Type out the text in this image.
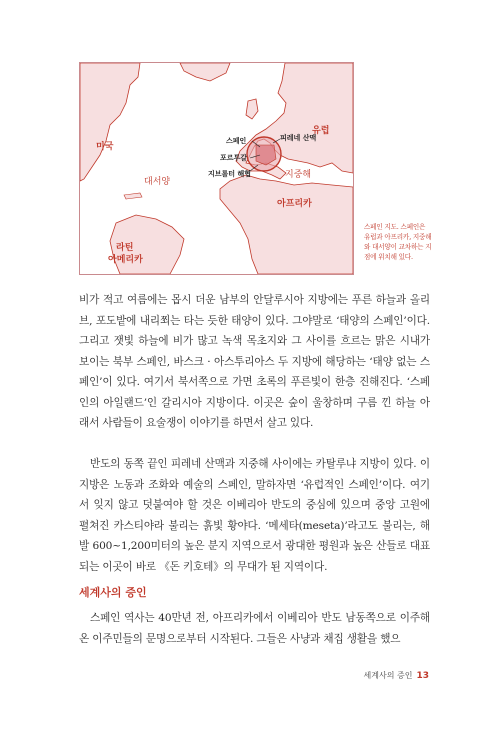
미국
유럽
스페인	피레네 산맥
포르투갈
지브롤터 해협	지중해
대서양
아프리카
라틴
아메리카
스페인 지도. 스페인은 유럽과 아프리카, 지중해와 대서양이 교차하는 지점에 위치해 있다.

비가 적고 여름에는 몹시 더운 남부의 안달루시아 지방에는 푸른 하늘과 올리브, 포도밭에 내리쬐는 타는 듯한 태양이 있다. 그야말로 ‘태양의 스페인’이다. 그리고 잿빛 하늘에 비가 많고 녹색 목초지와 그 사이를 흐르는 맑은 시내가 보이는 북부 스페인, 바스크 · 아스투리아스 두 지방에 해당하는 ‘태양 없는 스페인’이 있다. 여기서 북서쪽으로 가면 초록의 푸른빛이 한층 진해진다. ‘스페인의 아일랜드’인 갈리시아 지방이다. 이곳은 숲이 울창하며 구름 낀 하늘 아래서 사람들이 요술쟁이 이야기를 하면서 살고 있다.

반도의 동쪽 끝인 피레네 산맥과 지중해 사이에는 카탈루냐 지방이 있다. 이 지방은 노동과 조화와 예술의 스페인, 말하자면 ‘유럽적인 스페인’이다. 여기서 잊지 않고 덧붙여야 할 것은 이베리아 반도의 중심에 있으며 중앙 고원에 펼쳐진 카스티야라 불리는 흙빛 황야다. ‘메세타(meseta)’라고도 불리는, 해발 600~1,200미터의 높은 분지 지역으로서 광대한 평원과 높은 산들로 대표되는 이곳이 바로 《돈 키호테》의 무대가 된 지역이다.

세계사의 증인

스페인 역사는 40만년 전, 아프리카에서 이베리아 반도 남동쪽으로 이주해 온 이주민들의 문명으로부터 시작된다. 그들은 사냥과 채집 생활을 했으

세계사의 증인 13
